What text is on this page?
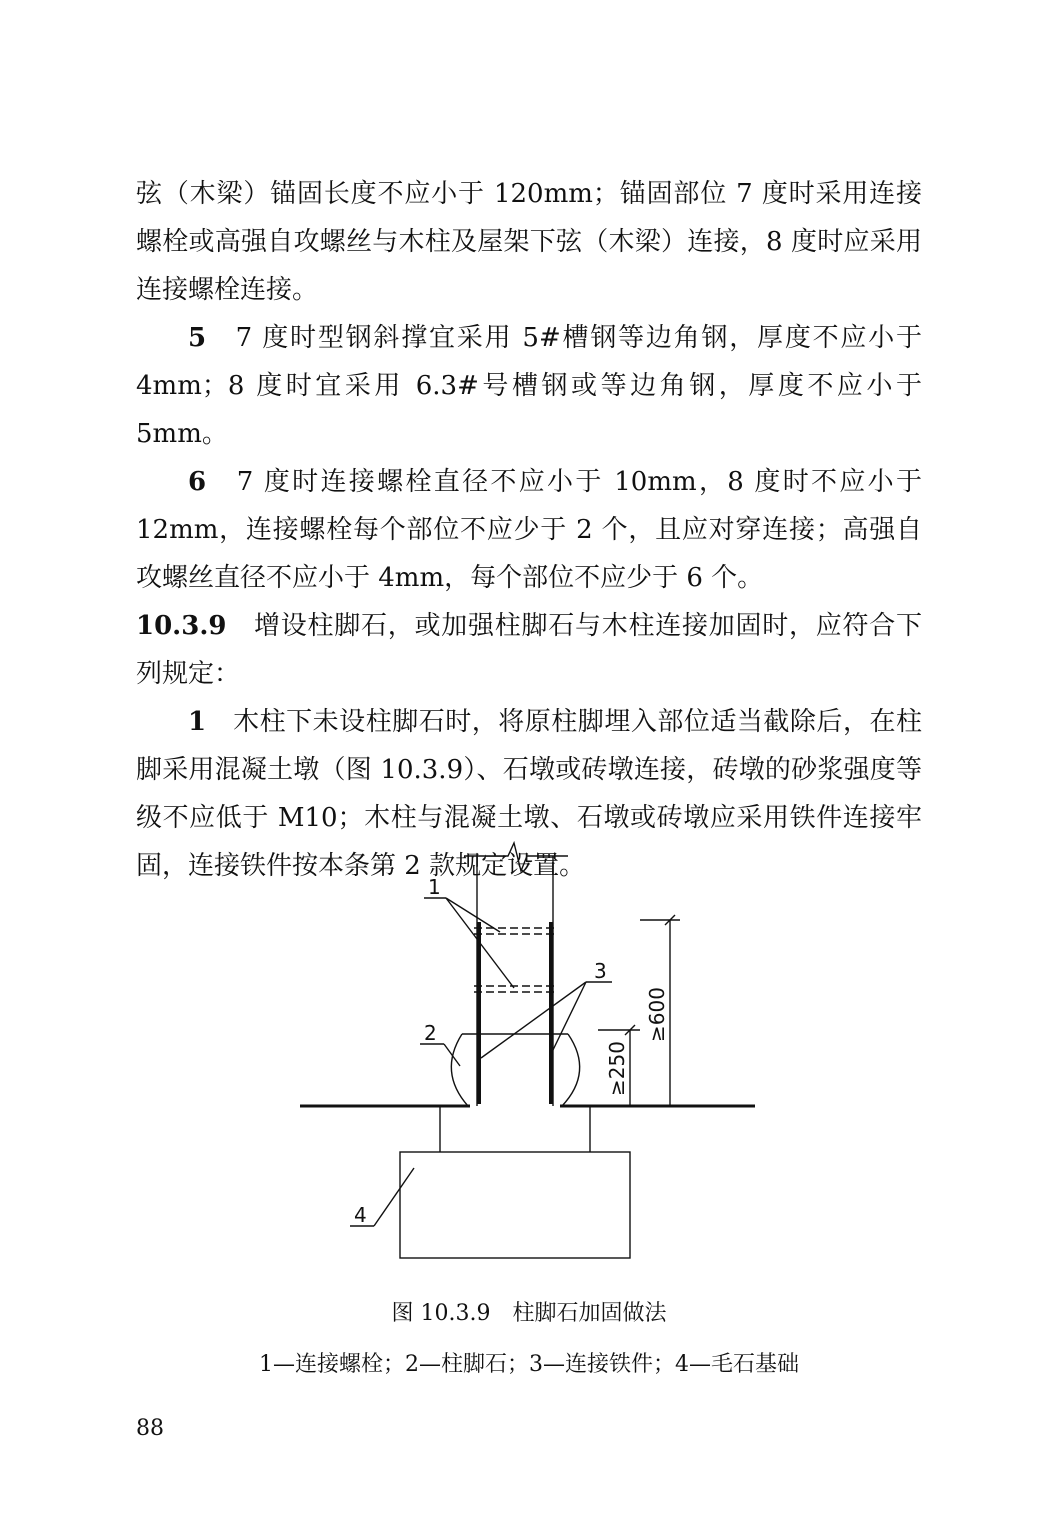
弦（木梁）锚固长度不应小于 120mm；锚固部位 7 度时采用连接螺栓或高强自攻螺丝与木柱及屋架下弦（木梁）连接，8 度时应采用连接螺栓连接。

5　 7 度时型钢斜撑宜采用 5#槽钢等边角钢，厚度不应小于 4mm；8 度时宜采用 6.3#号槽钢或等边角钢，厚度不应小于 5mm。

6　 7 度时连接螺栓直径不应小于 10mm，8 度时不应小于 12mm，连接螺栓每个部位不应少于 2 个，且应对穿连接；高强自攻螺丝直径不应小于 4mm，每个部位不应少于 6 个。

10.3.9　 增设柱脚石，或加强柱脚石与木柱连接加固时，应符合下列规定：

1　 木柱下未设柱脚石时，将原柱脚埋入部位适当截除后，在柱脚采用混凝土墩（图 10.3.9）、石墩或砖墩连接，砖墩的砂浆强度等级不应低于 M10；木柱与混凝土墩、石墩或砖墩应采用铁件连接牢固，连接铁件按本条第 2 款规定设置。

1
2
3
4
≥600
≥250
图 10.3.9　柱脚石加固做法
1—连接螺栓；2—柱脚石；3—连接铁件；4—毛石基础
88
